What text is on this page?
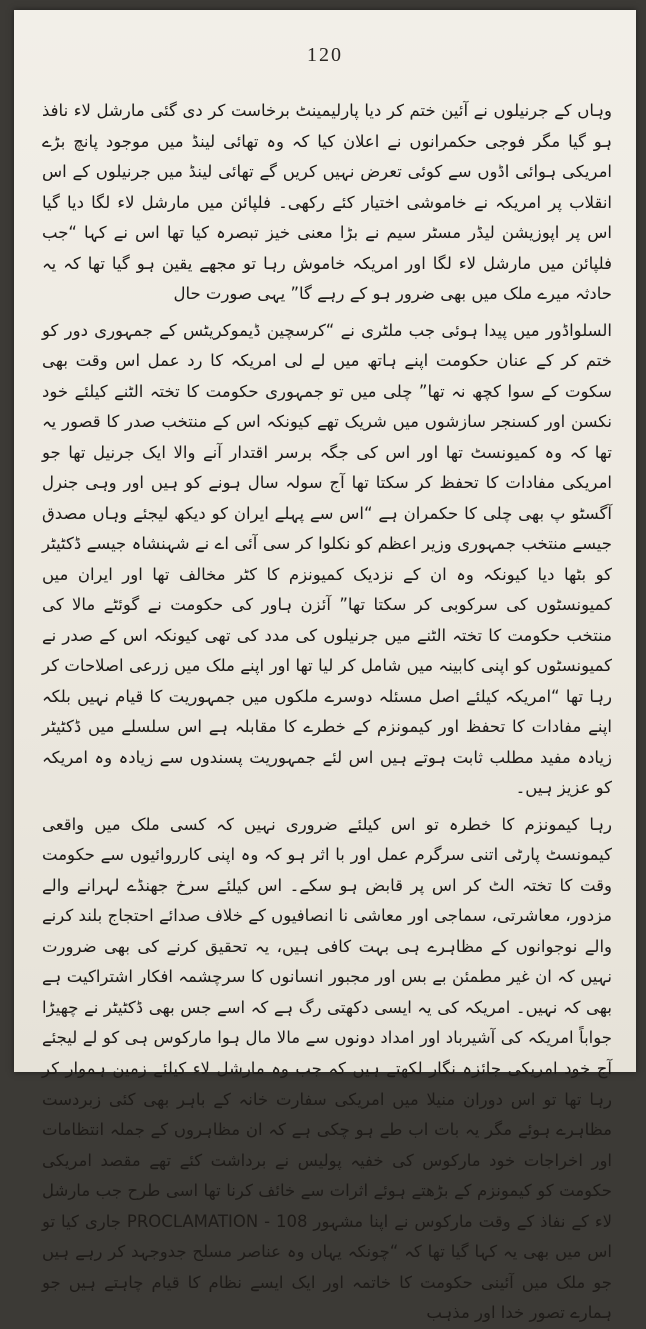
120

وہاں کے جرنیلوں نے آئین ختم کر دیا پارلیمینٹ برخاست کر دی گئی مارشل لاء نافذ ہو گیا مگر فوجی حکمرانوں نے اعلان کیا کہ وہ تھائی لینڈ میں موجود پانچ بڑے امریکی ہوائی اڈوں سے کوئی تعرض نہیں کریں گے تھائی لینڈ میں جرنیلوں کے اس انقلاب پر امریکہ نے خاموشی اختیار کئے رکھی۔ فلپائن میں مارشل لاء لگا دیا گیا اس پر اپوزیشن لیڈر مسٹر سیم نے بڑا معنی خیز تبصرہ کیا تھا اس نے کہا “جب فلپائن میں مارشل لاء لگا اور امریکہ خاموش رہا تو مجھے یقین ہو گیا تھا کہ یہ حادثہ میرے ملک میں بھی ضرور ہو کے رہے گا” یہی صورت حال

السلواڈور میں پیدا ہوئی جب ملٹری نے “کرسچین ڈیموکریٹس کے جمہوری دور کو ختم کر کے عنان حکومت اپنے ہاتھ میں لے لی امریکہ کا رد عمل اس وقت بھی سکوت کے سوا کچھ نہ تھا” چلی میں تو جمہوری حکومت کا تختہ الٹنے کیلئے خود نکسن اور کسنجر سازشوں میں شریک تھے کیونکہ اس کے منتخب صدر کا قصور یہ تھا کہ وہ کمیونسٹ تھا اور اس کی جگہ برسر اقتدار آنے والا ایک جرنیل تھا جو امریکی مفادات کا تحفظ کر سکتا تھا آج سولہ سال ہونے کو ہیں اور وہی جنرل آگسٹو پ بھی چلی کا حکمران ہے “اس سے پہلے ایران کو دیکھ لیجئے وہاں مصدق جیسے منتخب جمہوری وزیر اعظم کو نکلوا کر سی آئی اے نے شہنشاہ جیسے ڈکٹیٹر کو بٹھا دیا کیونکہ وہ ان کے نزدیک کمیونزم کا کٹر مخالف تھا اور ایران میں کمیونسٹوں کی سرکوبی کر سکتا تھا” آئزن ہاور کی حکومت نے گوئٹے مالا کی منتخب حکومت کا تختہ الٹنے میں جرنیلوں کی مدد کی تھی کیونکہ اس کے صدر نے کمیونسٹوں کو اپنی کابینہ میں شامل کر لیا تھا اور اپنے ملک میں زرعی اصلاحات کر رہا تھا “امریکہ کیلئے اصل مسئلہ دوسرے ملکوں میں جمہوریت کا قیام نہیں بلکہ اپنے مفادات کا تحفظ اور کیمونزم کے خطرے کا مقابلہ ہے اس سلسلے میں ڈکٹیٹر زیادہ مفید مطلب ثابت ہوتے ہیں اس لئے جمہوریت پسندوں سے زیادہ وہ امریکہ کو عزیز ہیں۔

رہا کیمونزم کا خطرہ تو اس کیلئے ضروری نہیں کہ کسی ملک میں واقعی کیمونسٹ پارٹی اتنی سرگرم عمل اور با اثر ہو کہ وہ اپنی کارروائیوں سے حکومت وقت کا تختہ الٹ کر اس پر قابض ہو سکے۔ اس کیلئے سرخ جھنڈے لہرانے والے مزدور، معاشرتی، سماجی اور معاشی نا انصافیوں کے خلاف صدائے احتجاج بلند کرنے والے نوجوانوں کے مظاہرے ہی بہت کافی ہیں، یہ تحقیق کرنے کی بھی ضرورت نہیں کہ ان غیر مطمئن بے بس اور مجبور انسانوں کا سرچشمہ افکار اشتراکیت ہے بھی کہ نہیں۔ امریکہ کی یہ ایسی دکھتی رگ ہے کہ اسے جس بھی ڈکٹیٹر نے چھیڑا جواباً امریکہ کی آشیرباد اور امداد دونوں سے مالا مال ہوا مارکوس ہی کو لے لیجئے آج خود امریکی جائزہ نگار لکھتے ہیں کہ جب وہ مارشل لاء کیلئے زمین ہموار کر رہا تھا تو اس دوران منیلا میں امریکی سفارت خانہ کے باہر بھی کئی زبردست مظاہرے ہوئے مگر یہ بات اب طے ہو چکی ہے کہ ان مظاہروں کے جملہ انتظامات اور اخراجات خود مارکوس کی خفیہ پولیس نے برداشت کئے تھے مقصد امریکی حکومت کو کیمونزم کے بڑھتے ہوئے اثرات سے خائف کرنا تھا اسی طرح جب مارشل لاء کے نفاذ کے وقت مارکوس نے اپنا مشہور PROCLAMATION - 108 جاری کیا تو اس میں بھی یہ کہا گیا تھا کہ “چونکہ یہاں وہ عناصر مسلح جدوجہد کر رہے ہیں جو ملک میں آئینی حکومت کا خاتمہ اور ایک ایسے نظام کا قیام چاہتے ہیں جو ہمارے تصور خدا اور مذہب
